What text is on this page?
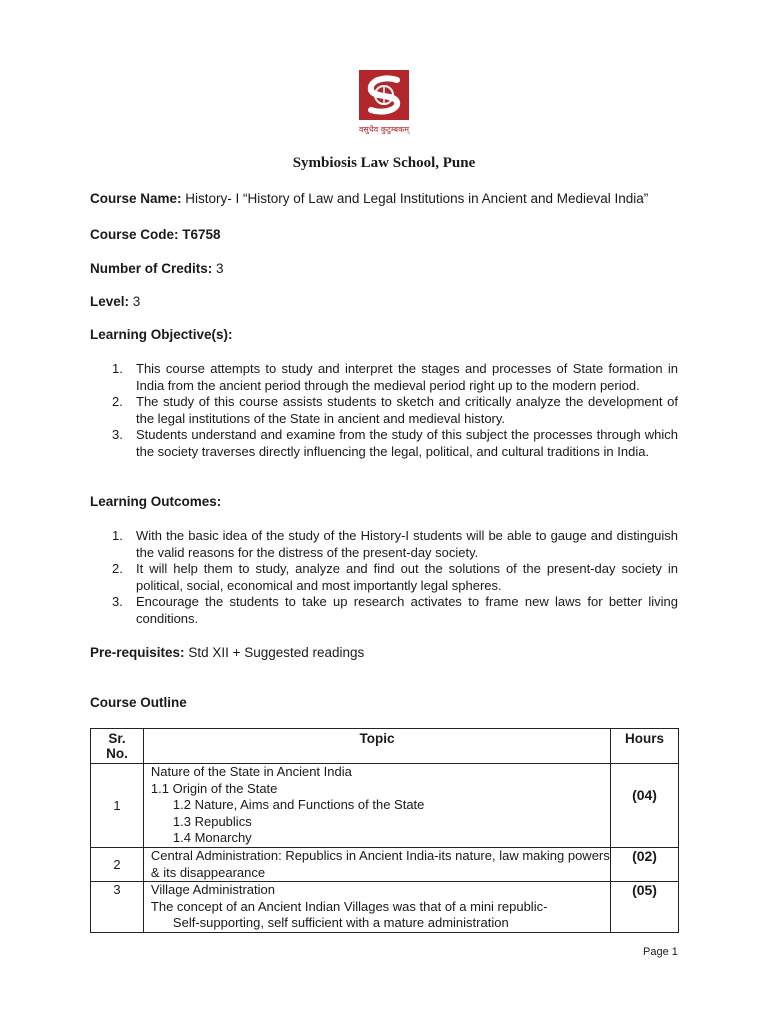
वसुधैव कुटुम्बकम्
Symbiosis Law School, Pune
Course Name: History- I “History of Law and Legal Institutions in Ancient and Medieval India”
Course Code: T6758
Number of Credits: 3
Level: 3
Learning Objective(s):
1. This course attempts to study and interpret the stages and processes of State formation in India from the ancient period through the medieval period right up to the modern period.
2. The study of this course assists students to sketch and critically analyze the development of the legal institutions of the State in ancient and medieval history.
3. Students understand and examine from the study of this subject the processes through which the society traverses directly influencing the legal, political, and cultural traditions in India.
Learning Outcomes:
1. With the basic idea of the study of the History-I students will be able to gauge and distinguish the valid reasons for the distress of the present-day society.
2. It will help them to study, analyze and find out the solutions of the present-day society in political, social, economical and most importantly legal spheres.
3. Encourage the students to take up research activates to frame new laws for better living conditions.
Pre-requisites: Std XII + Suggested readings
Course Outline
Sr.
No.	Topic	Hours
1	Nature of the State in Ancient India
1.1 Origin of the State
1.2 Nature, Aims and Functions of the State
1.3 Republics
1.4 Monarchy	(04)
2	Central Administration: Republics in Ancient India-its nature, law making powers & its disappearance	(02)
3	Village Administration
The concept of an Ancient Indian Villages was that of a mini republic-
Self-supporting, self sufficient with a mature administration	(05)
Page 1
